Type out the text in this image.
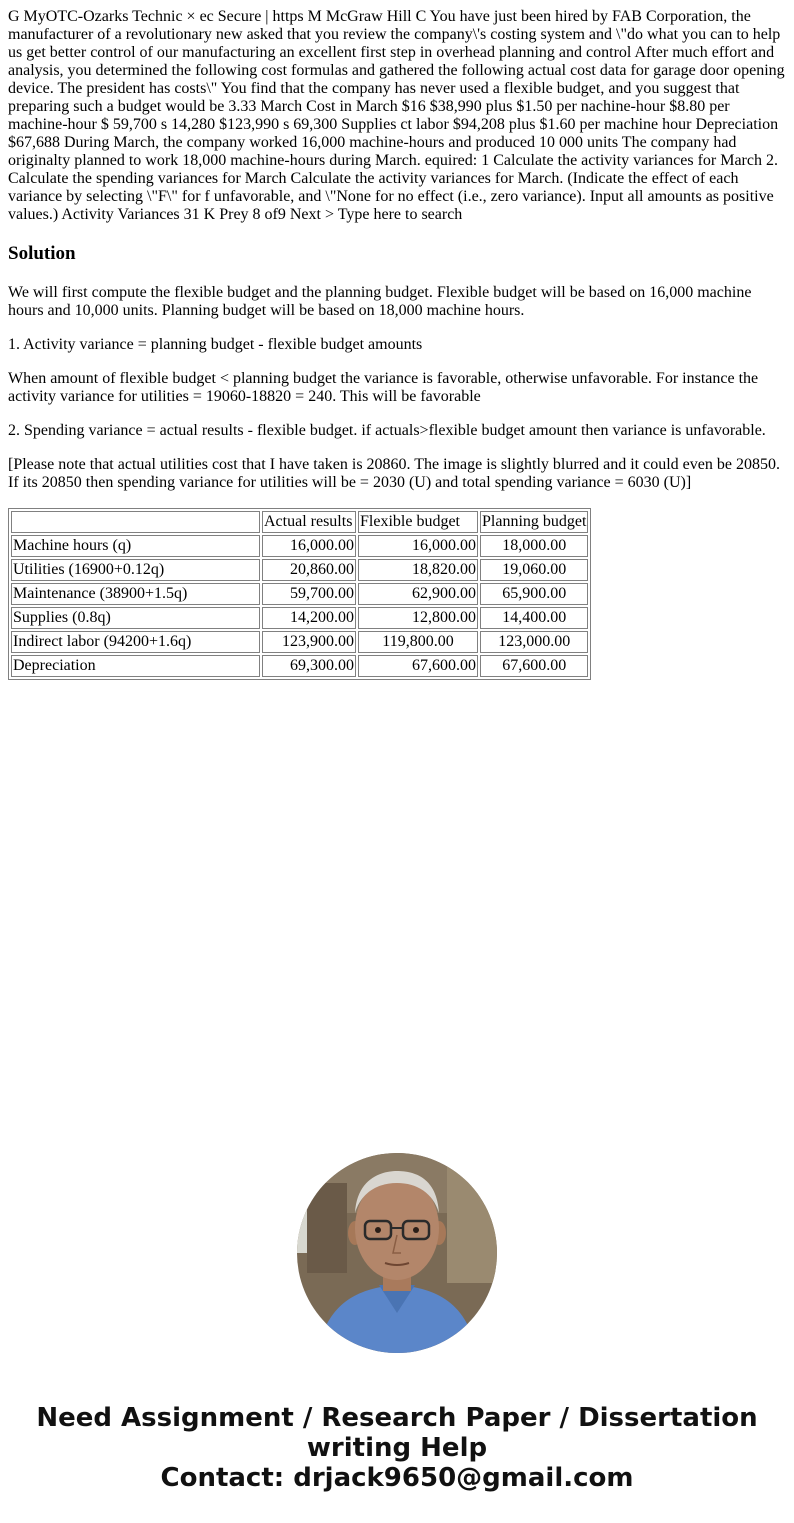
G MyOTC-Ozarks Technic × ec Secure | https M McGraw Hill C You have just been hired by FAB Corporation, the manufacturer of a revolutionary new asked that you review the company\'s costing system and \"do what you can to help us get better control of our manufacturing an excellent first step in overhead planning and control After much effort and analysis, you determined the following cost formulas and gathered the following actual cost data for garage door opening device. The president has costs\" You find that the company has never used a flexible budget, and you suggest that preparing such a budget would be 3.33 March Cost in March $16 $38,990 plus $1.50 per nachine-hour $8.80 per machine-hour $ 59,700 s 14,280 $123,990 s 69,300 Supplies ct labor $94,208 plus $1.60 per machine hour Depreciation $67,688 During March, the company worked 16,000 machine-hours and produced 10 000 units The company had originalty planned to work 18,000 machine-hours during March. equired: 1 Calculate the activity variances for March 2. Calculate the spending variances for March Calculate the activity variances for March. (Indicate the effect of each variance by selecting \"F\" for f unfavorable, and \"None for no effect (i.e., zero variance). Input all amounts as positive values.) Activity Variances 31 K Prey 8 of9 Next > Type here to search

Solution

We will first compute the flexible budget and the planning budget. Flexible budget will be based on 16,000 machine hours and 10,000 units. Planning budget will be based on 18,000 machine hours.

1. Activity variance = planning budget - flexible budget amounts

When amount of flexible budget < planning budget the variance is favorable, otherwise unfavorable. For instance the activity variance for utilities = 19060-18820 = 240. This will be favorable

2. Spending variance = actual results - flexible budget. if actuals>flexible budget amount then variance is unfavorable.

[Please note that actual utilities cost that I have taken is 20860. The image is slightly blurred and it could even be 20850. If its 20850 then spending variance for utilities will be = 2030 (U) and total spending variance = 6030 (U)]

	Actual results	Flexible budget	Planning budget
Machine hours (q)	16,000.00	16,000.00	18,000.00
Utilities (16900+0.12q)	20,860.00	18,820.00	19,060.00
Maintenance (38900+1.5q)	59,700.00	62,900.00	65,900.00
Supplies (0.8q)	14,200.00	12,800.00	14,400.00
Indirect labor (94200+1.6q)	123,900.00	119,800.00	123,000.00
Depreciation	69,300.00	67,600.00	67,600.00
Need Assignment / Research Paper / Dissertation
writing Help
Contact: drjack9650@gmail.com
